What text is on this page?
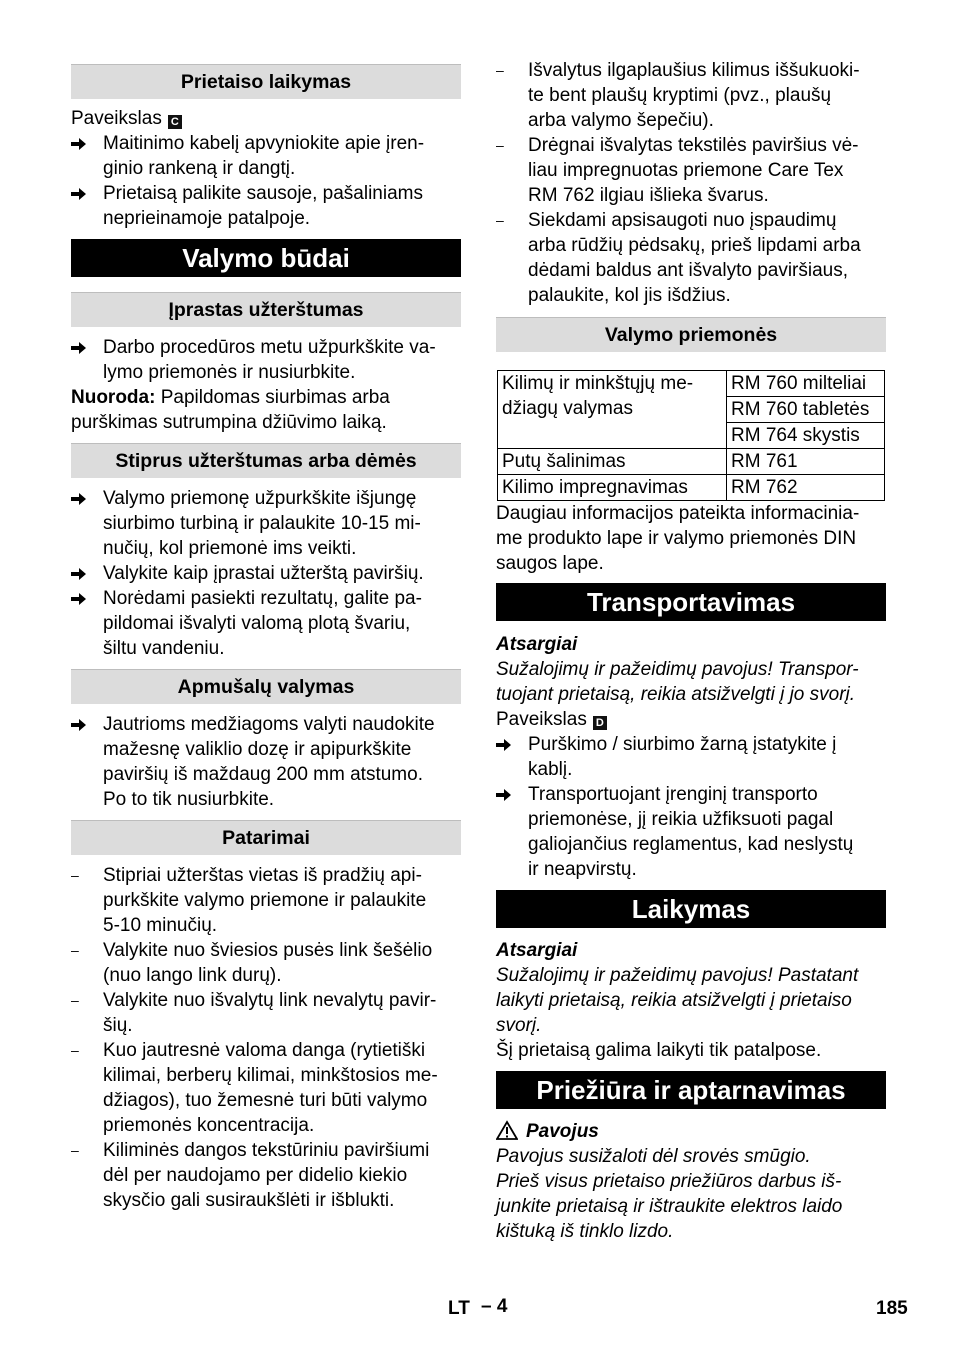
Prietaiso laikymas
Paveikslas C
Maitinimo kabelį apvyniokite apie įren-
ginio rankeną ir dangtį.
Prietaisą palikite sausoje, pašaliniams
neprieinamoje patalpoje.
Valymo būdai
Įprastas užterštumas
Darbo procedūros metu užpurkškite va-
lymo priemonės ir nusiurbkite.
Nuoroda: Papildomas siurbimas arba
purškimas sutrumpina džiūvimo laiką.
Stiprus užterštumas arba dėmės
Valymo priemonę užpurkškite išjungę
siurbimo turbiną ir palaukite 10-15 mi-
nučių, kol priemonė ims veikti.
Valykite kaip įprastai užterštą paviršių.
Norėdami pasiekti rezultatų, galite pa-
pildomai išvalyti valomą plotą švariu,
šiltu vandeniu.
Apmušalų valymas
Jautrioms medžiagoms valyti naudokite
mažesnę valiklio dozę ir apipurkškite
paviršių iš maždaug 200 mm atstumo.
Po to tik nusiurbkite.
Patarimai
– Stipriai užterštas vietas iš pradžių api-
purkškite valymo priemone ir palaukite
5-10 minučių.
– Valykite nuo šviesios pusės link šešėlio
(nuo lango link durų).
– Valykite nuo išvalytų link nevalytų pavir-
šių.
– Kuo jautresnė valoma danga (rytietiški
kilimai, berberų kilimai, minkštosios me-
džiagos), tuo žemesnė turi būti valymo
priemonės koncentracija.
– Kiliminės dangos tekstūriniu paviršiumi
dėl per naudojamo per didelio kiekio
skysčio gali susiraukšlėti ir išblukti.
– Išvalytus ilgaplaušius kilimus iššukuoki-
te bent plaušų kryptimi (pvz., plaušų
arba valymo šepečiu).
– Drėgnai išvalytas tekstilės paviršius vė-
liau impregnuotas priemone Care Tex
RM 762 ilgiau išlieka švarus.
– Siekdami apsisaugoti nuo įspaudimų
arba rūdžių pėdsakų, prieš lipdami arba
dėdami baldus ant išvalyto paviršiaus,
palaukite, kol jis išdžius.
Valymo priemonės
Kilimų ir minkštųjų me-
džiagų valymas	RM 760 milteliai
	RM 760 tabletės
	RM 764 skystis
Putų šalinimas	RM 761
Kilimo impregnavimas	RM 762
Daugiau informacijos pateikta informacinia-
me produkto lape ir valymo priemonės DIN
saugos lape.
Transportavimas
Atsargiai
Sužalojimų ir pažeidimų pavojus! Transpor-
tuojant prietaisą, reikia atsižvelgti į jo svorį.
Paveikslas D
Purškimo / siurbimo žarną įstatykite į
kablį.
Transportuojant įrenginį transporto
priemonėse, jį reikia užfiksuoti pagal
galiojančius reglamentus, kad neslystų
ir neapvirstų.
Laikymas
Atsargiai
Sužalojimų ir pažeidimų pavojus! Pastatant
laikyti prietaisą, reikia atsižvelgti į prietaiso
svorį.
Šį prietaisą galima laikyti tik patalpose.
Priežiūra ir aptarnavimas
Pavojus
Pavojus susižaloti dėl srovės smūgio.
Prieš visus prietaiso priežiūros darbus iš-
junkite prietaisą ir ištraukite elektros laido
kištuką iš tinklo lizdo.
LT – 4	185
